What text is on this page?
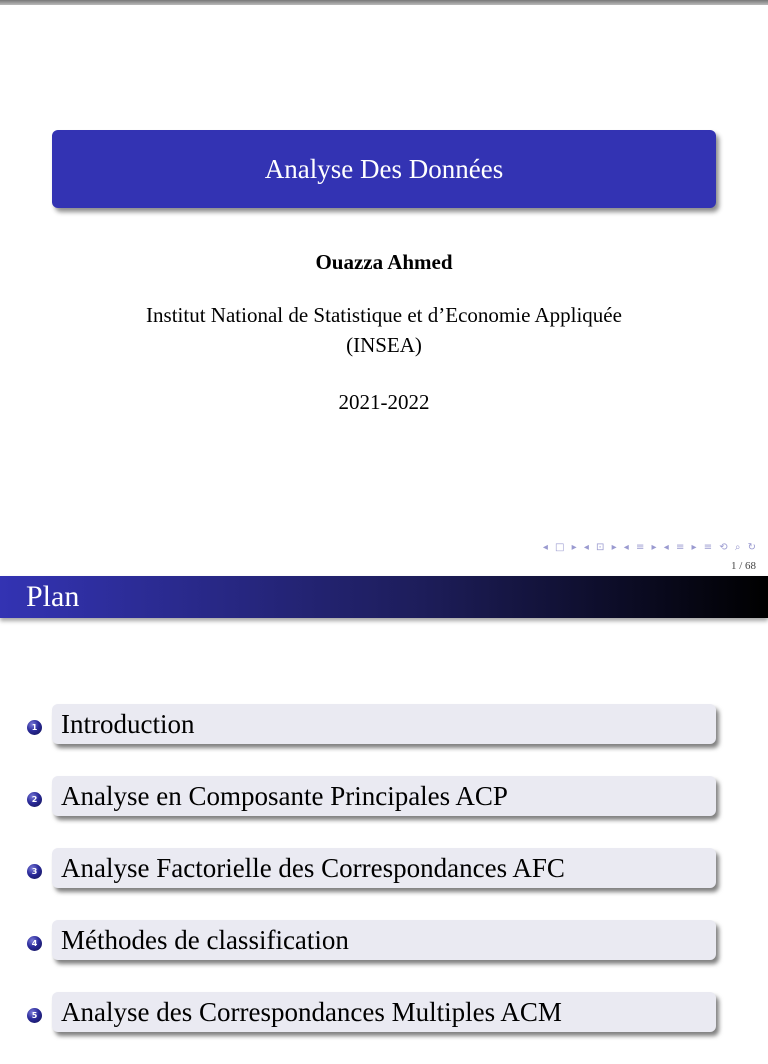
Analyse Des Données
Ouazza Ahmed
Institut National de Statistique et d’Economie Appliquée
(INSEA)
2021-2022
◂ □ ▸ ◂ ⊡ ▸ ◂ ≡ ▸ ◂ ≡ ▸ ≡ ⟲ ⌕ ↻
1 / 68
Plan
1 Introduction
2 Analyse en Composante Principales ACP
3 Analyse Factorielle des Correspondances AFC
4 Méthodes de classification
5 Analyse des Correspondances Multiples ACM
